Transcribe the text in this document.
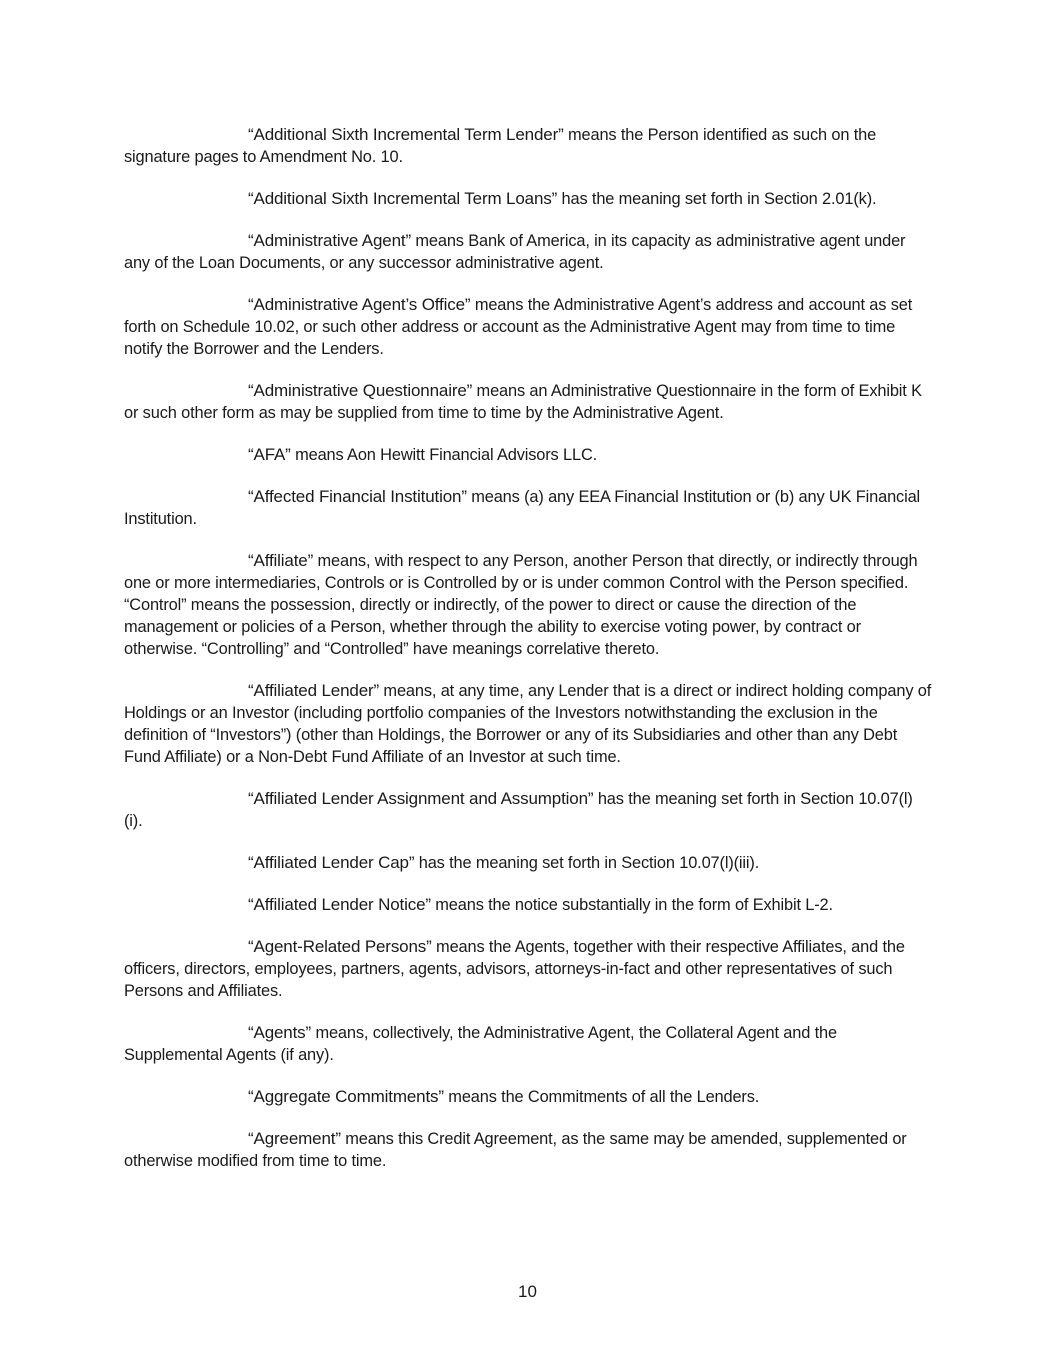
“Additional Sixth Incremental Term Lender” means the Person identified as such on the signature pages to Amendment No. 10.

“Additional Sixth Incremental Term Loans” has the meaning set forth in Section 2.01(k).

“Administrative Agent” means Bank of America, in its capacity as administrative agent under any of the Loan Documents, or any successor administrative agent.

“Administrative Agent’s Office” means the Administrative Agent’s address and account as set forth on Schedule 10.02, or such other address or account as the Administrative Agent may from time to time notify the Borrower and the Lenders.

“Administrative Questionnaire” means an Administrative Questionnaire in the form of Exhibit K or such other form as may be supplied from time to time by the Administrative Agent.

“AFA” means Aon Hewitt Financial Advisors LLC.

“Affected Financial Institution” means (a) any EEA Financial Institution or (b) any UK Financial Institution.

“Affiliate” means, with respect to any Person, another Person that directly, or indirectly through one or more intermediaries, Controls or is Controlled by or is under common Control with the Person specified. “Control” means the possession, directly or indirectly, of the power to direct or cause the direction of the management or policies of a Person, whether through the ability to exercise voting power, by contract or otherwise. “Controlling” and “Controlled” have meanings correlative thereto.

“Affiliated Lender” means, at any time, any Lender that is a direct or indirect holding company of Holdings or an Investor (including portfolio companies of the Investors notwithstanding the exclusion in the definition of “Investors”) (other than Holdings, the Borrower or any of its Subsidiaries and other than any Debt Fund Affiliate) or a Non-Debt Fund Affiliate of an Investor at such time.

“Affiliated Lender Assignment and Assumption” has the meaning set forth in Section 10.07(l)(i).

“Affiliated Lender Cap” has the meaning set forth in Section 10.07(l)(iii).

“Affiliated Lender Notice” means the notice substantially in the form of Exhibit L-2.

“Agent-Related Persons” means the Agents, together with their respective Affiliates, and the officers, directors, employees, partners, agents, advisors, attorneys-in-fact and other representatives of such Persons and Affiliates.

“Agents” means, collectively, the Administrative Agent, the Collateral Agent and the Supplemental Agents (if any).

“Aggregate Commitments” means the Commitments of all the Lenders.

“Agreement” means this Credit Agreement, as the same may be amended, supplemented or otherwise modified from time to time.

10
